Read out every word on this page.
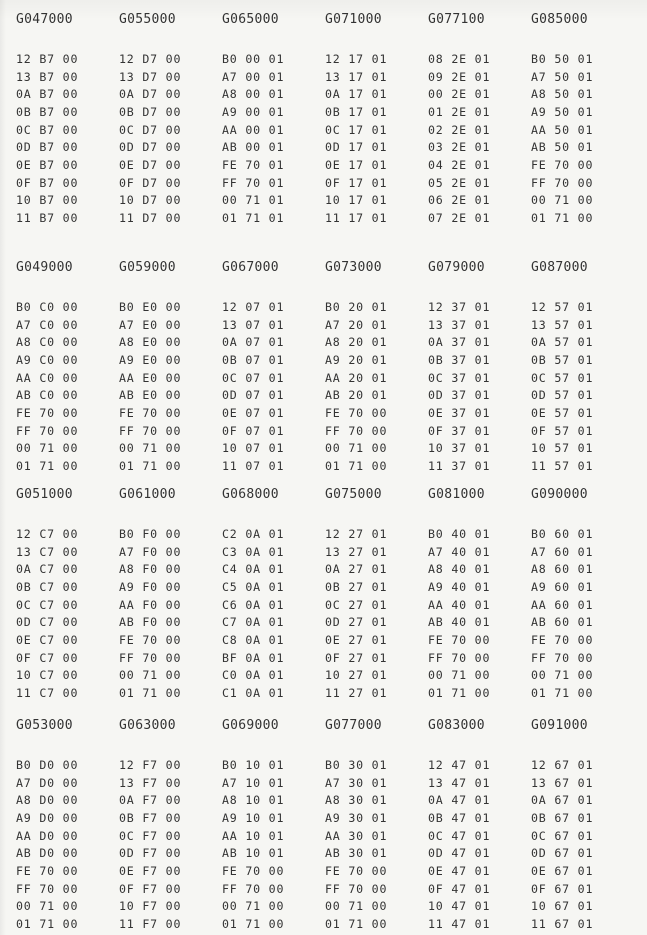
G047000	G055000	G065000	G071000	G077100	G085000
12 B7 00	12 D7 00	B0 00 01	12 17 01	08 2E 01	B0 50 01
13 B7 00	13 D7 00	A7 00 01	13 17 01	09 2E 01	A7 50 01
0A B7 00	0A D7 00	A8 00 01	0A 17 01	00 2E 01	A8 50 01
0B B7 00	0B D7 00	A9 00 01	0B 17 01	01 2E 01	A9 50 01
0C B7 00	0C D7 00	AA 00 01	0C 17 01	02 2E 01	AA 50 01
0D B7 00	0D D7 00	AB 00 01	0D 17 01	03 2E 01	AB 50 01
0E B7 00	0E D7 00	FE 70 01	0E 17 01	04 2E 01	FE 70 00
0F B7 00	0F D7 00	FF 70 01	0F 17 01	05 2E 01	FF 70 00
10 B7 00	10 D7 00	00 71 01	10 17 01	06 2E 01	00 71 00
11 B7 00	11 D7 00	01 71 01	11 17 01	07 2E 01	01 71 00
G049000	G059000	G067000	G073000	G079000	G087000
B0 C0 00	B0 E0 00	12 07 01	B0 20 01	12 37 01	12 57 01
A7 C0 00	A7 E0 00	13 07 01	A7 20 01	13 37 01	13 57 01
A8 C0 00	A8 E0 00	0A 07 01	A8 20 01	0A 37 01	0A 57 01
A9 C0 00	A9 E0 00	0B 07 01	A9 20 01	0B 37 01	0B 57 01
AA C0 00	AA E0 00	0C 07 01	AA 20 01	0C 37 01	0C 57 01
AB C0 00	AB E0 00	0D 07 01	AB 20 01	0D 37 01	0D 57 01
FE 70 00	FE 70 00	0E 07 01	FE 70 00	0E 37 01	0E 57 01
FF 70 00	FF 70 00	0F 07 01	FF 70 00	0F 37 01	0F 57 01
00 71 00	00 71 00	10 07 01	00 71 00	10 37 01	10 57 01
01 71 00	01 71 00	11 07 01	01 71 00	11 37 01	11 57 01
G051000	G061000	G068000	G075000	G081000	G090000
12 C7 00	B0 F0 00	C2 0A 01	12 27 01	B0 40 01	B0 60 01
13 C7 00	A7 F0 00	C3 0A 01	13 27 01	A7 40 01	A7 60 01
0A C7 00	A8 F0 00	C4 0A 01	0A 27 01	A8 40 01	A8 60 01
0B C7 00	A9 F0 00	C5 0A 01	0B 27 01	A9 40 01	A9 60 01
0C C7 00	AA F0 00	C6 0A 01	0C 27 01	AA 40 01	AA 60 01
0D C7 00	AB F0 00	C7 0A 01	0D 27 01	AB 40 01	AB 60 01
0E C7 00	FE 70 00	C8 0A 01	0E 27 01	FE 70 00	FE 70 00
0F C7 00	FF 70 00	BF 0A 01	0F 27 01	FF 70 00	FF 70 00
10 C7 00	00 71 00	C0 0A 01	10 27 01	00 71 00	00 71 00
11 C7 00	01 71 00	C1 0A 01	11 27 01	01 71 00	01 71 00
G053000	G063000	G069000	G077000	G083000	G091000
B0 D0 00	12 F7 00	B0 10 01	B0 30 01	12 47 01	12 67 01
A7 D0 00	13 F7 00	A7 10 01	A7 30 01	13 47 01	13 67 01
A8 D0 00	0A F7 00	A8 10 01	A8 30 01	0A 47 01	0A 67 01
A9 D0 00	0B F7 00	A9 10 01	A9 30 01	0B 47 01	0B 67 01
AA D0 00	0C F7 00	AA 10 01	AA 30 01	0C 47 01	0C 67 01
AB D0 00	0D F7 00	AB 10 01	AB 30 01	0D 47 01	0D 67 01
FE 70 00	0E F7 00	FE 70 00	FE 70 00	0E 47 01	0E 67 01
FF 70 00	0F F7 00	FF 70 00	FF 70 00	0F 47 01	0F 67 01
00 71 00	10 F7 00	00 71 00	00 71 00	10 47 01	10 67 01
01 71 00	11 F7 00	01 71 00	01 71 00	11 47 01	11 67 01
